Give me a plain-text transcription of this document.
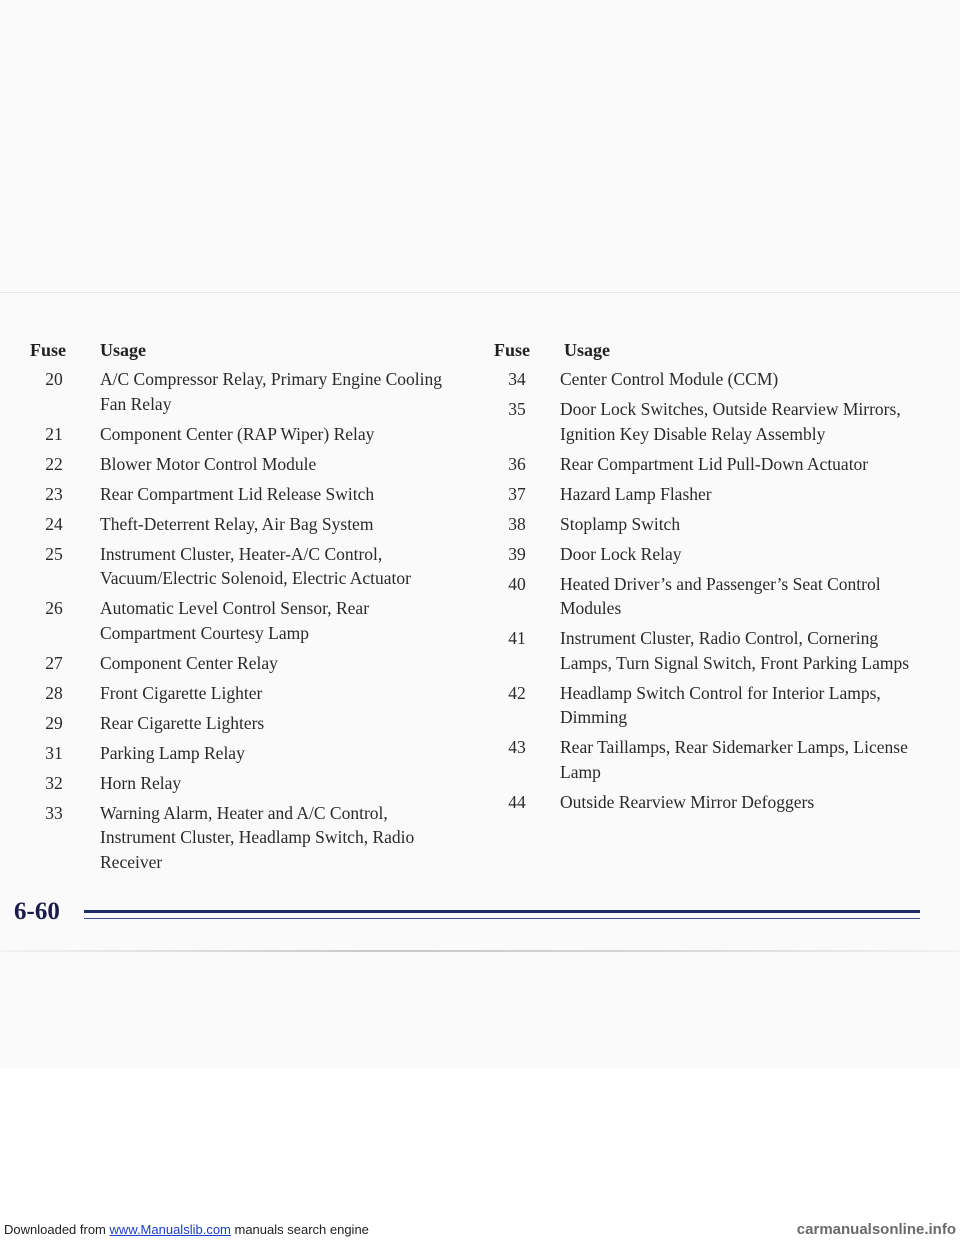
Fuse	Usage
20	A/C Compressor Relay, Primary Engine Cooling Fan Relay
21	Component Center (RAP Wiper) Relay
22	Blower Motor Control Module
23	Rear Compartment Lid Release Switch
24	Theft-Deterrent Relay, Air Bag System
25	Instrument Cluster, Heater-A/C Control, Vacuum/Electric Solenoid, Electric Actuator
26	Automatic Level Control Sensor, Rear Compartment Courtesy Lamp
27	Component Center Relay
28	Front Cigarette Lighter
29	Rear Cigarette Lighters
31	Parking Lamp Relay
32	Horn Relay
33	Warning Alarm, Heater and A/C Control, Instrument Cluster, Headlamp Switch, Radio Receiver
Fuse	Usage
34	Center Control Module (CCM)
35	Door Lock Switches, Outside Rearview Mirrors, Ignition Key Disable Relay Assembly
36	Rear Compartment Lid Pull-Down Actuator
37	Hazard Lamp Flasher
38	Stoplamp Switch
39	Door Lock Relay
40	Heated Driver’s and Passenger’s Seat Control Modules
41	Instrument Cluster, Radio Control, Cornering Lamps, Turn Signal Switch, Front Parking Lamps
42	Headlamp Switch Control for Interior Lamps, Dimming
43	Rear Taillamps, Rear Sidemarker Lamps, License Lamp
44	Outside Rearview Mirror Defoggers
6-60
Downloaded from www.Manualslib.com manuals search engine	carmanualsonline.info
